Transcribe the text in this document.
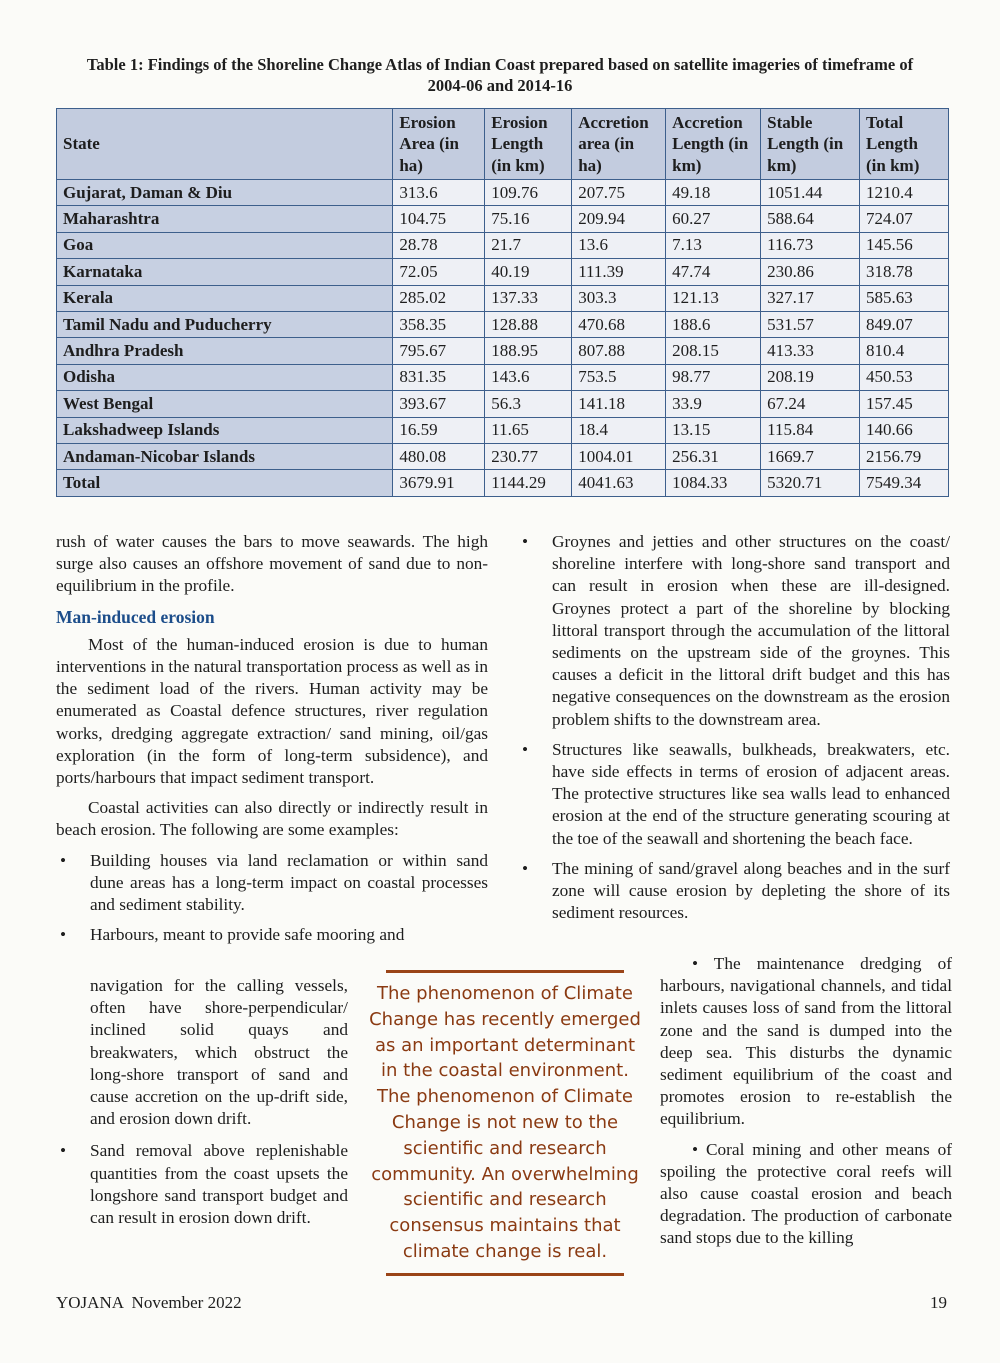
Table 1: Findings of the Shoreline Change Atlas of Indian Coast prepared based on satellite imageries of timeframe of 2004-06 and 2014-16
State	Erosion Area (in ha)	Erosion Length (in km)	Accretion area (in ha)	Accretion Length (in km)	Stable Length (in km)	Total Length (in km)
Gujarat, Daman & Diu	313.6	109.76	207.75	49.18	1051.44	1210.4
Maharashtra	104.75	75.16	209.94	60.27	588.64	724.07
Goa	28.78	21.7	13.6	7.13	116.73	145.56
Karnataka	72.05	40.19	111.39	47.74	230.86	318.78
Kerala	285.02	137.33	303.3	121.13	327.17	585.63
Tamil Nadu and Puducherry	358.35	128.88	470.68	188.6	531.57	849.07
Andhra Pradesh	795.67	188.95	807.88	208.15	413.33	810.4
Odisha	831.35	143.6	753.5	98.77	208.19	450.53
West Bengal	393.67	56.3	141.18	33.9	67.24	157.45
Lakshadweep Islands	16.59	11.65	18.4	13.15	115.84	140.66
Andaman-Nicobar Islands	480.08	230.77	1004.01	256.31	1669.7	2156.79
Total	3679.91	1144.29	4041.63	1084.33	5320.71	7549.34

rush of water causes the bars to move seawards. The high surge also causes an offshore movement of sand due to non-equilibrium in the profile.

Man-induced erosion

Most of the human-induced erosion is due to human interventions in the natural transportation process as well as in the sediment load of the rivers. Human activity may be enumerated as Coastal defence structures, river regulation works, dredging aggregate extraction/ sand mining, oil/gas exploration (in the form of long-term subsidence), and ports/harbours that impact sediment transport.

Coastal activities can also directly or indirectly result in beach erosion. The following are some examples:

• Building houses via land reclamation or within sand dune areas has a long-term impact on coastal processes and sediment stability.

• Harbours, meant to provide safe mooring and

navigation for the calling vessels, often have shore-perpendicular/ inclined solid quays and breakwaters, which obstruct the long-shore transport of sand and cause accretion on the up-drift side, and erosion down drift.

• Sand removal above replenishable quantities from the coast upsets the longshore sand transport budget and can result in erosion down drift.

• Groynes and jetties and other structures on the coast/ shoreline interfere with long-shore sand transport and can result in erosion when these are ill-designed. Groynes protect a part of the shoreline by blocking littoral transport through the accumulation of the littoral sediments on the upstream side of the groynes. This causes a deficit in the littoral drift budget and this has negative consequences on the downstream as the erosion problem shifts to the downstream area.

• Structures like seawalls, bulkheads, breakwaters, etc. have side effects in terms of erosion of adjacent areas. The protective structures like sea walls lead to enhanced erosion at the end of the structure generating scouring at the toe of the seawall and shortening the beach face.

• The mining of sand/gravel along beaches and in the surf zone will cause erosion by depleting the shore of its sediment resources.

• The maintenance dredging of harbours, navigational channels, and tidal inlets causes loss of sand from the littoral zone and the sand is dumped into the deep sea. This disturbs the dynamic sediment equilibrium of the coast and promotes erosion to re-establish the equilibrium.

• Coral mining and other means of spoiling the protective coral reefs will also cause coastal erosion and beach degradation. The production of carbonate sand stops due to the killing

The phenomenon of Climate Change has recently emerged as an important determinant in the coastal environment. The phenomenon of Climate Change is not new to the scientific and research community. An overwhelming scientific and research consensus maintains that climate change is real.

YOJANA  November 2022	19
